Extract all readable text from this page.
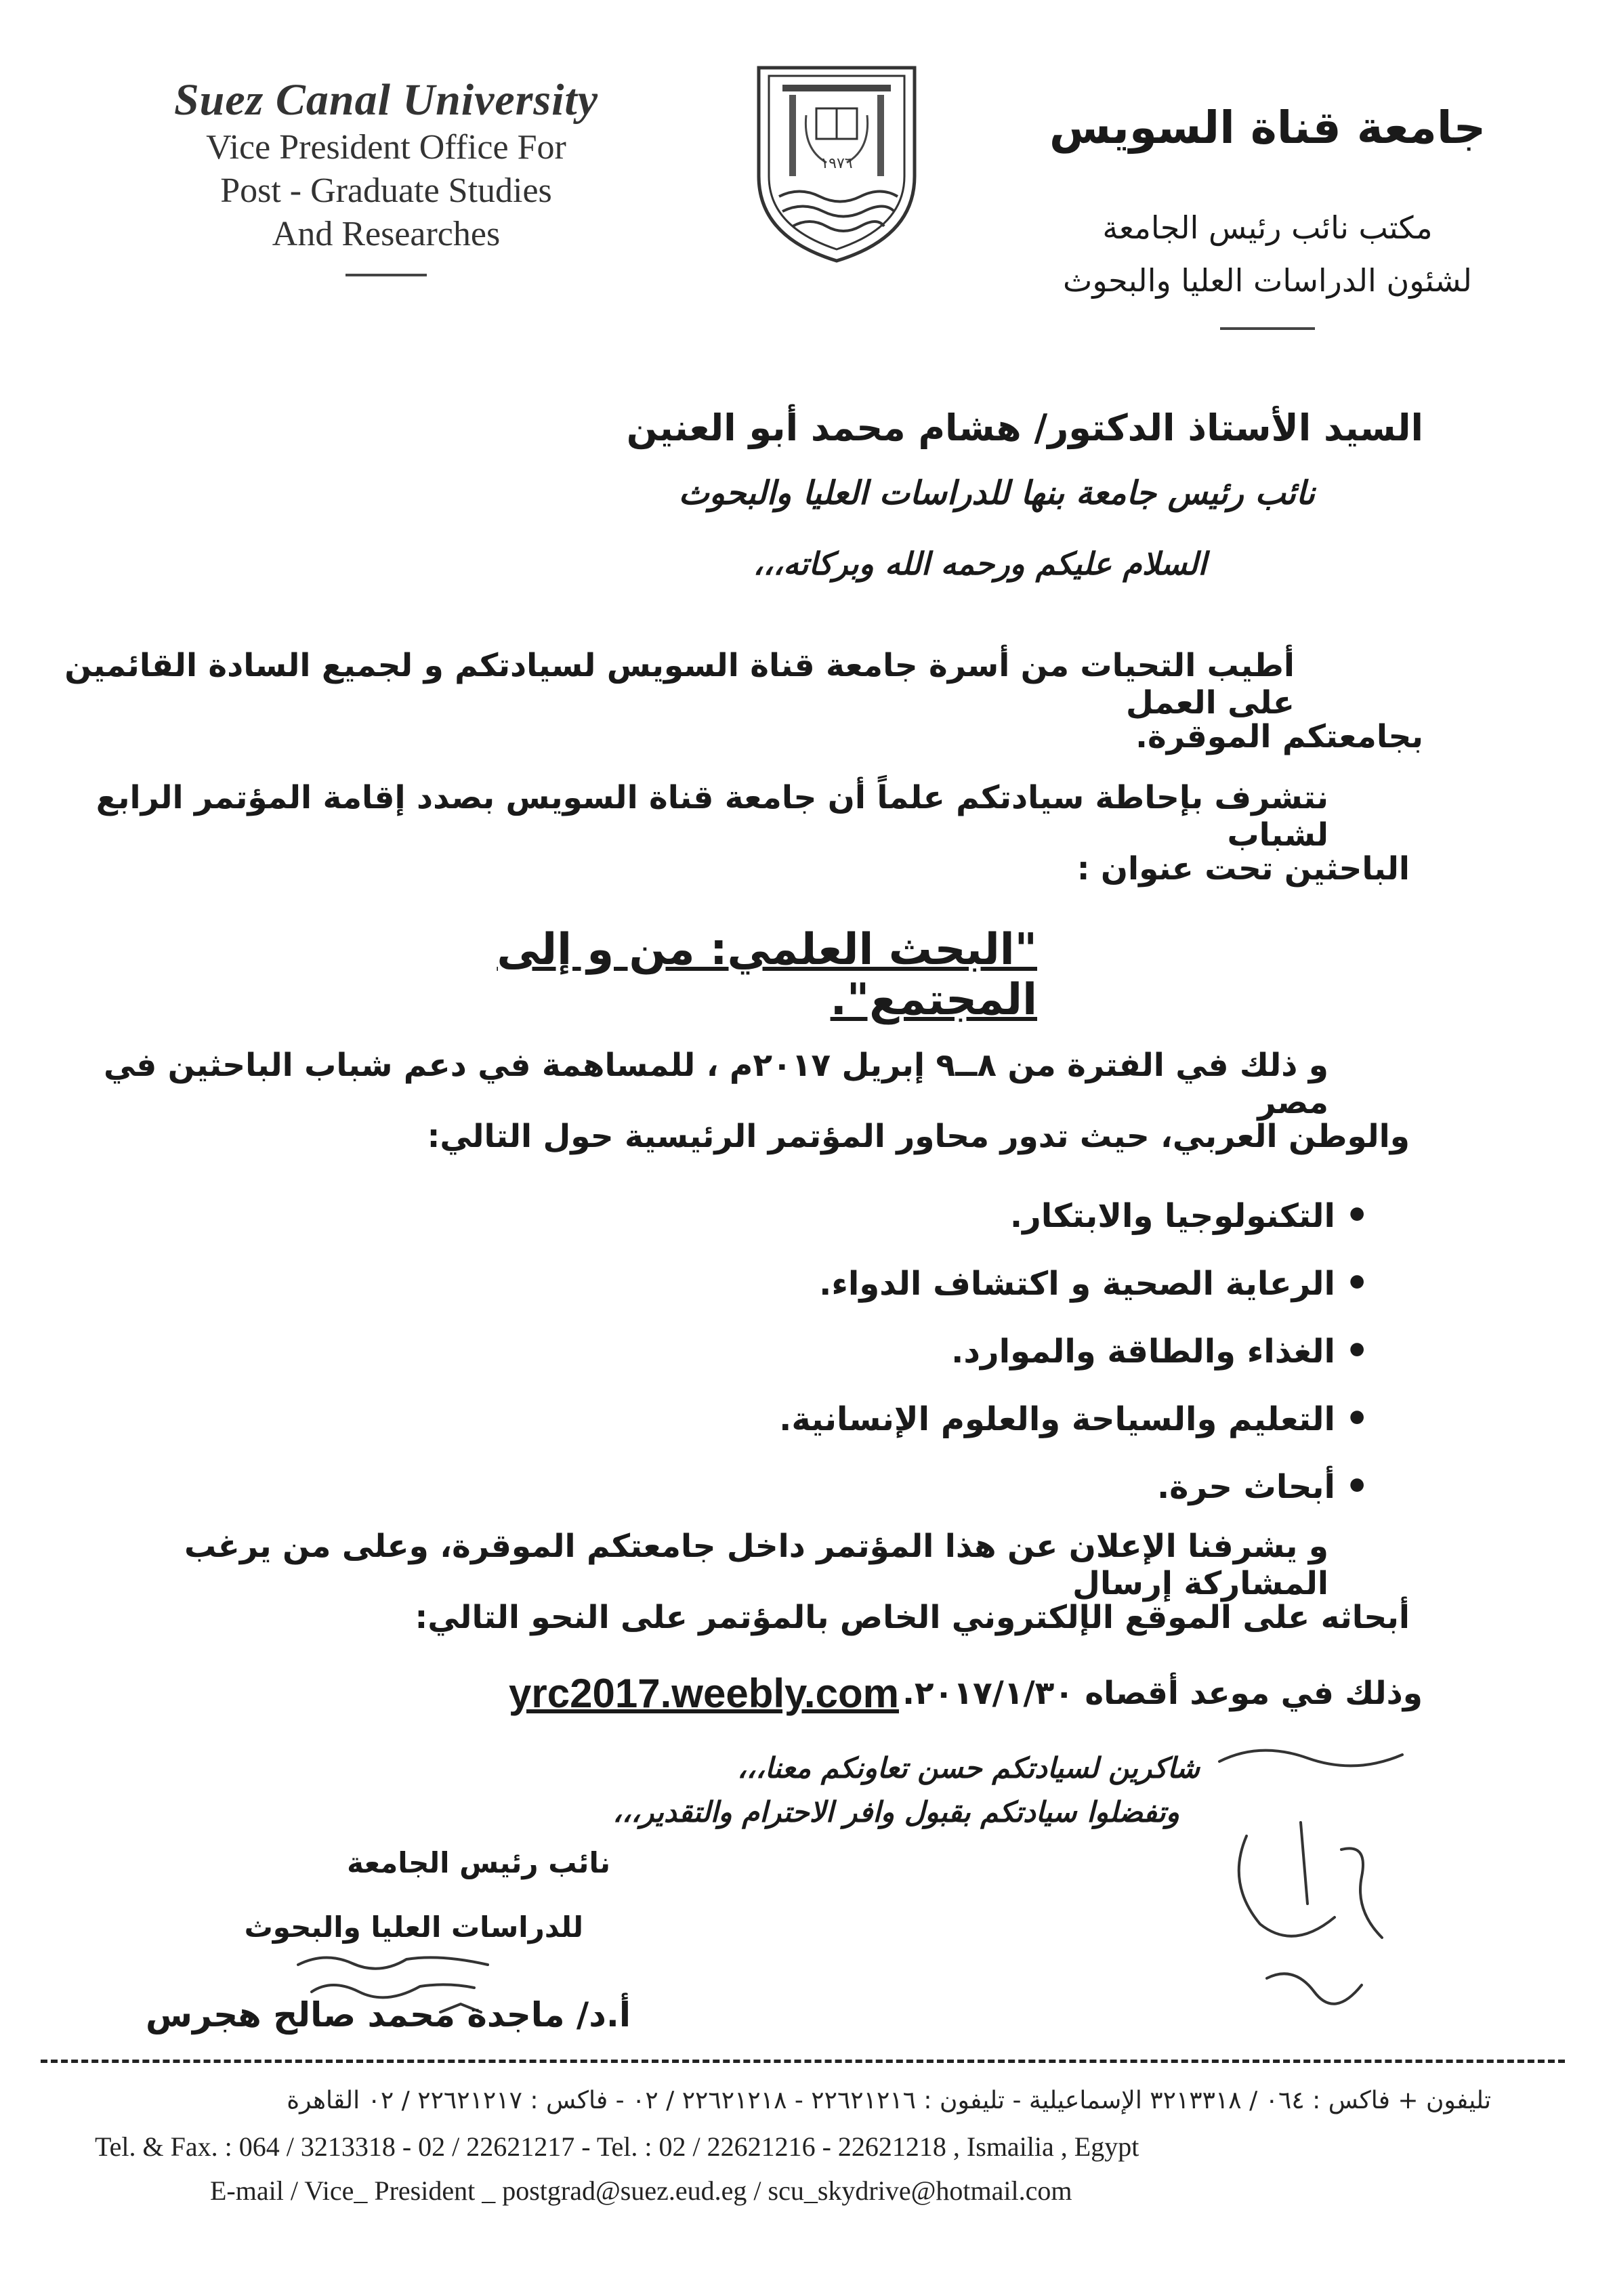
Suez Canal University
Vice President Office For
Post - Graduate Studies
And Researches
١٩٧٦
جامعة قناة السويس
مكتب نائب رئيس الجامعة
لشئون الدراسات العليا والبحوث
السيد الأستاذ الدكتور/ هشام محمد أبو العنين
نائب رئيس جامعة بنها للدراسات العليا والبحوث
السلام عليكم ورحمه الله وبركاته،،،
أطيب التحيات من أسرة جامعة قناة السويس لسيادتكم و لجميع السادة القائمين على العمل
بجامعتكم الموقرة.
نتشرف بإحاطة سيادتكم علماً أن جامعة قناة السويس بصدد إقامة المؤتمر الرابع لشباب
الباحثين تحت عنوان :
"البحث العلمي: من و إلى المجتمع".
و ذلك في الفترة من ٨ــ٩ إبريل ٢٠١٧م ، للمساهمة في دعم شباب الباحثين في مصر
والوطن العربي، حيث تدور محاور المؤتمر الرئيسية حول التالي:
• التكنولوجيا والابتكار.
• الرعاية الصحية و اكتشاف الدواء.
• الغذاء والطاقة والموارد.
• التعليم والسياحة والعلوم الإنسانية.
• أبحاث حرة.
و يشرفنا الإعلان عن هذا المؤتمر داخل جامعتكم الموقرة، وعلى من يرغب المشاركة إرسال
أبحاثه على الموقع الإلكتروني الخاص بالمؤتمر على النحو التالي:
وذلك في موعد أقصاه ٢٠١٧/١/٣٠. yrc2017.weebly.com
شاكرين لسيادتكم حسن تعاونكم معنا،،،
وتفضلوا سيادتكم بقبول وافر الاحترام والتقدير،،،
نائب رئيس الجامعة
للدراسات العليا والبحوث
أ.د/ ماجدة محمد صالح هجرس
تليفون + فاكس : ٠٦٤ / ٣٢١٣٣١٨ الإسماعيلية - تليفون : ٢٢٦٢١٢١٦ - ٢٢٦٢١٢١٨ / ٠٢ - فاكس : ٢٢٦٢١٢١٧ / ٠٢ القاهرة
Tel. & Fax. : 064 / 3213318 - 02 / 22621217 - Tel. : 02 / 22621216 - 22621218 , Ismailia , Egypt
E-mail / Vice_ President _ postgrad@suez.eud.eg / scu_skydrive@hotmail.com
